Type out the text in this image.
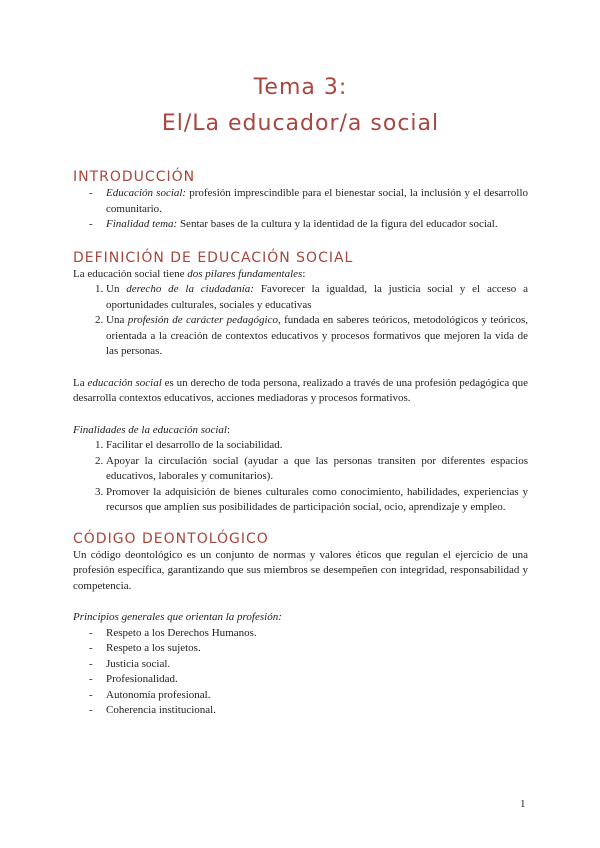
Tema 3:
El/La educador/a social
INTRODUCCIÓN
- Educación social: profesión imprescindible para el bienestar social, la inclusión y el desarrollo comunitario.
- Finalidad tema: Sentar bases de la cultura y la identidad de la figura del educador social.
DEFINICIÓN DE EDUCACIÓN SOCIAL

La educación social tiene dos pilares fundamentales:

1. Un derecho de la ciudadanía: Favorecer la igualdad, la justicia social y el acceso a oportunidades culturales, sociales y educativas
2. Una profesión de carácter pedagógico, fundada en saberes teóricos, metodológicos y teóricos, orientada a la creación de contextos educativos y procesos formativos que mejoren la vida de las personas.

La educación social es un derecho de toda persona, realizado a través de una profesión pedagógica que desarrolla contextos educativos, acciones mediadoras y procesos formativos.

Finalidades de la educación social:

1. Facilitar el desarrollo de la sociabilidad.
2. Apoyar la circulación social (ayudar a que las personas transiten por diferentes espacios educativos, laborales y comunitarios).
3. Promover la adquisición de bienes culturales como conocimiento, habilidades, experiencias y recursos que amplíen sus posibilidades de participación social, ocio, aprendizaje y empleo.
CÓDIGO DEONTOLÓGICO

Un código deontológico es un conjunto de normas y valores éticos que regulan el ejercicio de una profesión específica, garantizando que sus miembros se desempeñen con integridad, responsabilidad y competencia.

Principios generales que orientan la profesión:

- Respeto a los Derechos Humanos.
- Respeto a los sujetos.
- Justicia social.
- Profesionalidad.
- Autonomía profesional.
- Coherencia institucional.
1
